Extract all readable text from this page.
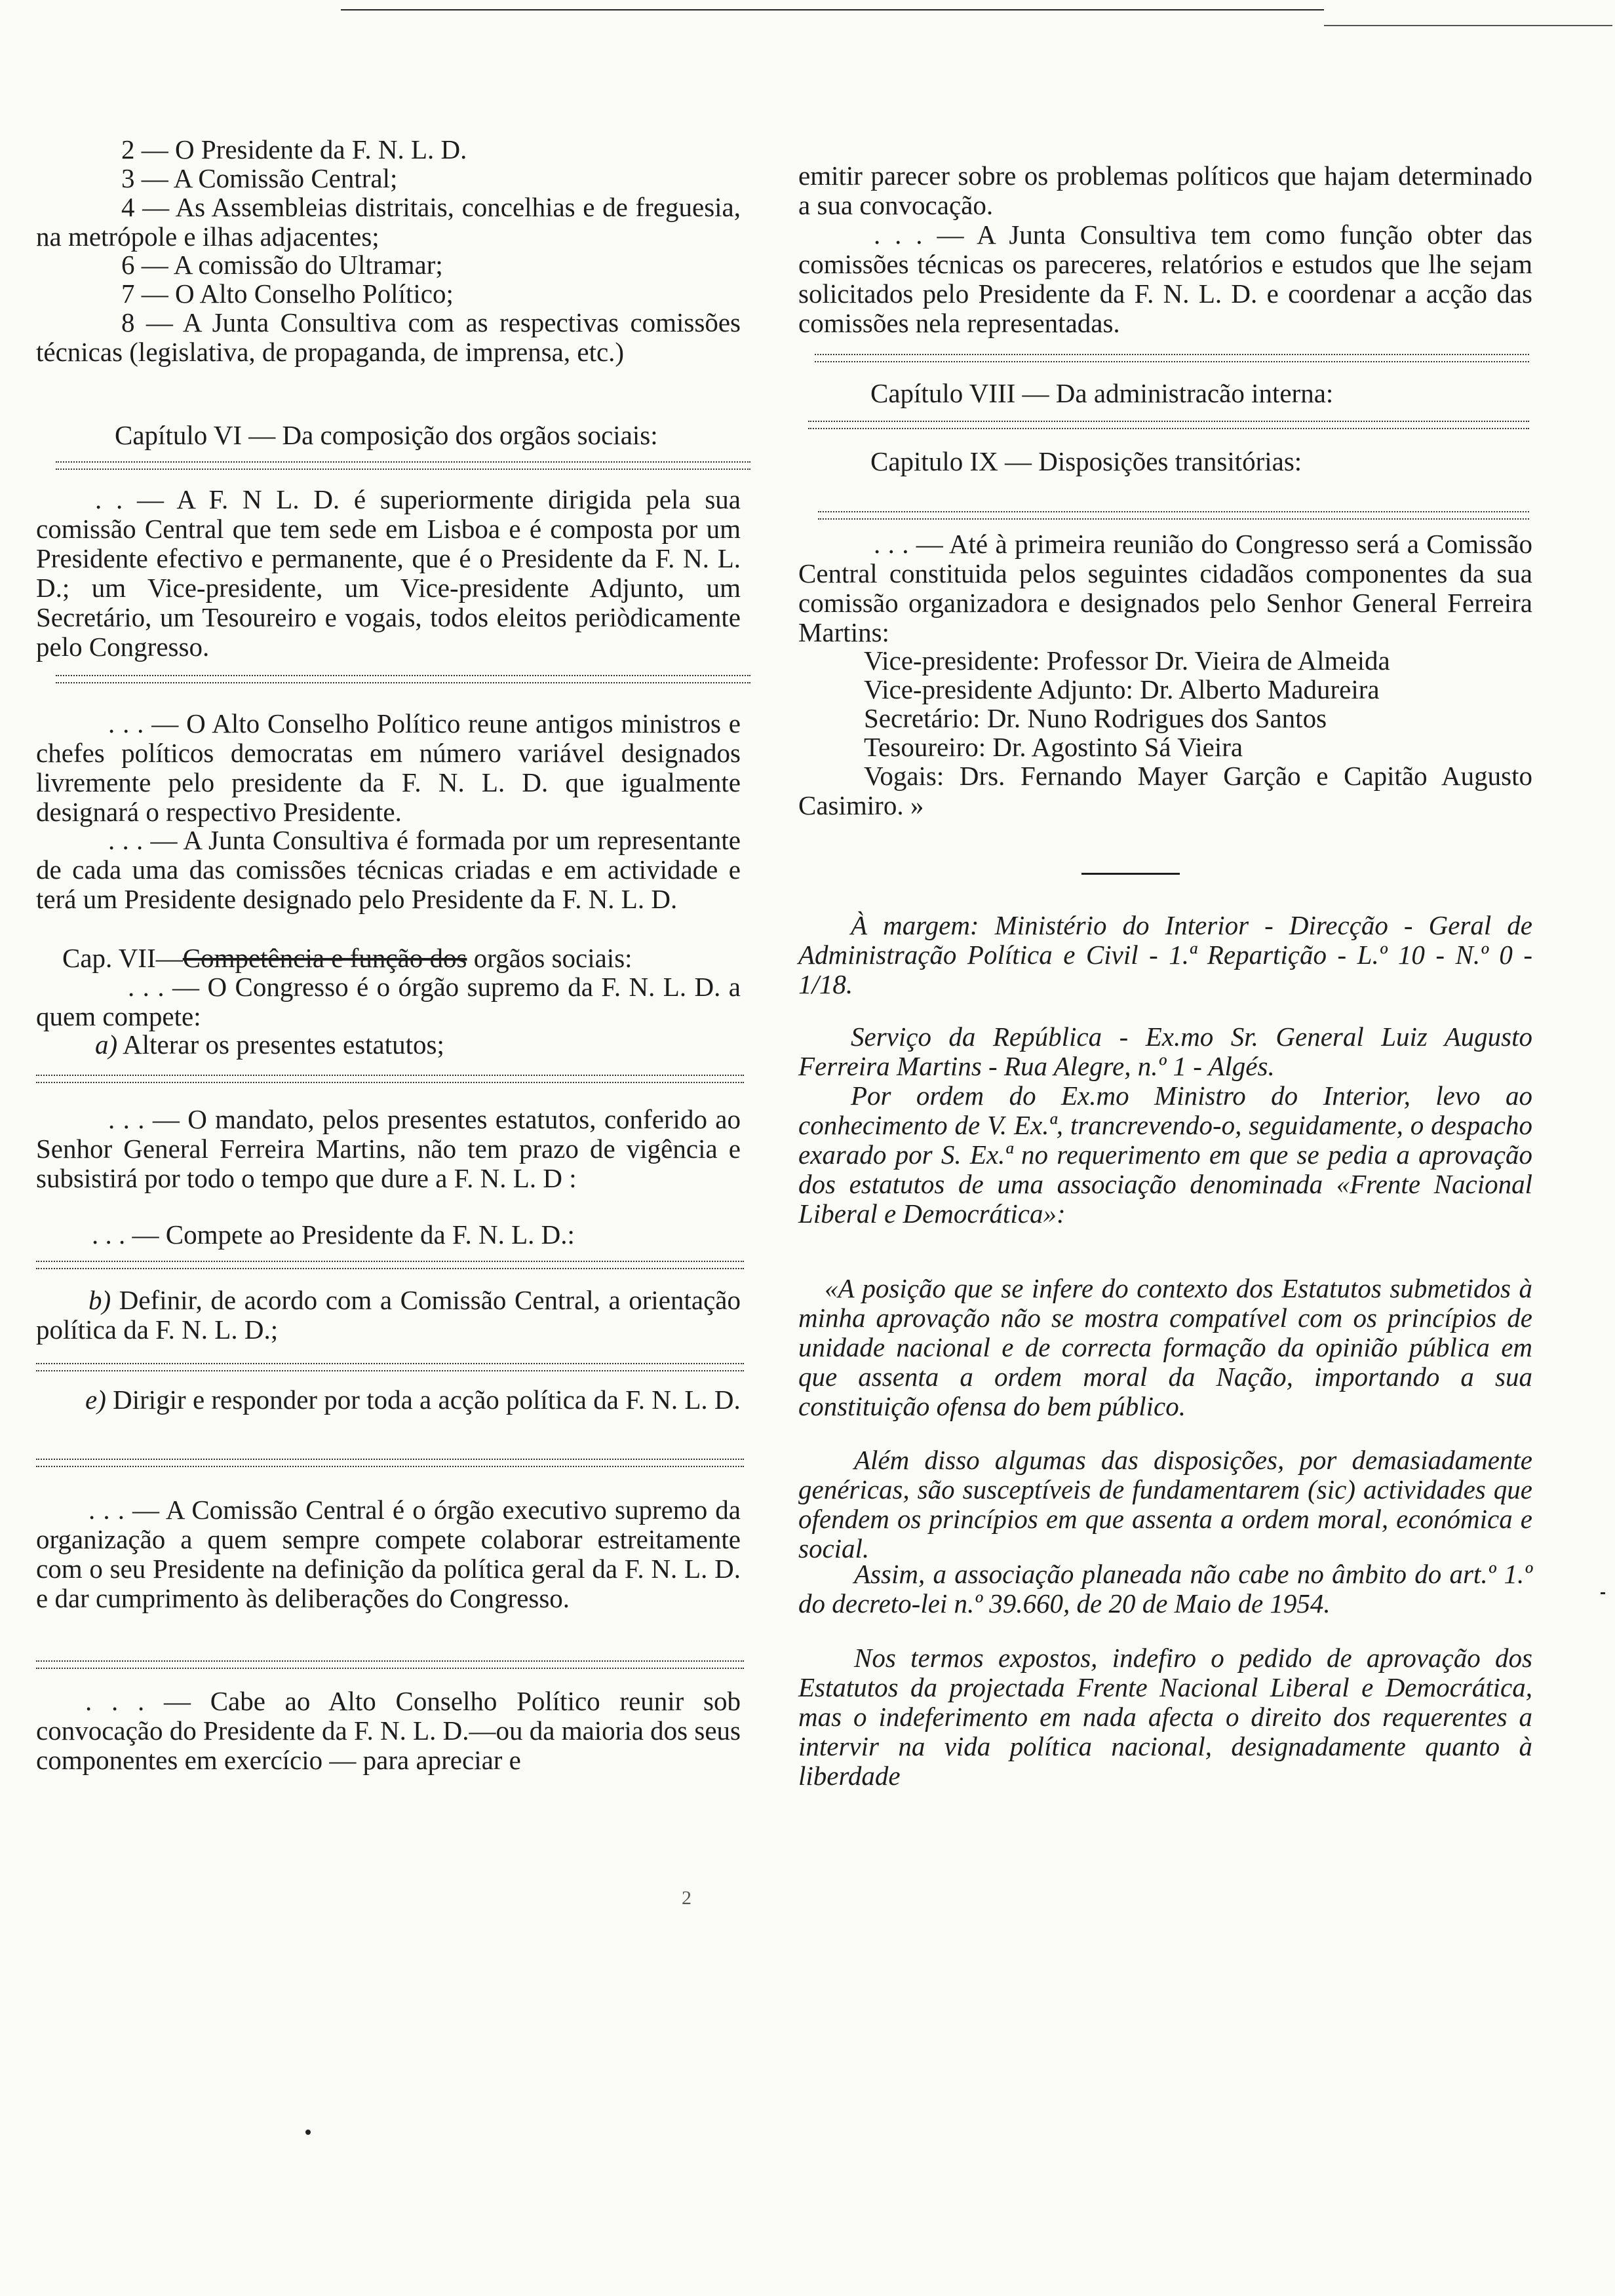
2 — O Presidente da F. N. L. D.
3 — A Comissão Central;
4 — As Assembleias distritais, concelhias e de freguesia, na metrópole e ilhas adjacentes;
6 — A comissão do Ultramar;
7 — O Alto Conselho Político;
8 — A Junta Consultiva com as respectivas comissões técnicas (legislativa, de propaganda, de imprensa, etc.)
Capítulo VI — Da composição dos orgãos sociais:
. . — A F. N L. D. é superiormente dirigida pela sua comissão Central que tem sede em Lisboa e é composta por um Presidente efectivo e permanente, que é o Presidente da F. N. L. D.; um Vice-presidente, um Vice-presidente Adjunto, um Secretário, um Tesoureiro e vogais, todos eleitos periòdicamente pelo Congresso.
. . . — O Alto Conselho Político reune antigos ministros e chefes políticos democratas em número variável designados livremente pelo presidente da F. N. L. D. que igualmente designará o respectivo Presidente.
. . . — A Junta Consultiva é formada por um representante de cada uma das comissões técnicas criadas e em actividade e terá um Presidente designado pelo Presidente da F. N. L. D.
Cap. VII—Competência e função dos orgãos sociais:
. . . — O Congresso é o órgão supremo da F. N. L. D. a quem compete:
a) Alterar os presentes estatutos;
. . . — O mandato, pelos presentes estatutos, conferido ao Senhor General Ferreira Martins, não tem prazo de vigência e subsistirá por todo o tempo que dure a F. N. L. D :
. . . — Compete ao Presidente da F. N. L. D.:
b) Definir, de acordo com a Comissão Central, a orientação política da F. N. L. D.;
e) Dirigir e responder por toda a acção política da F. N. L. D.
. . . — A Comissão Central é o órgão executivo supremo da organização a quem sempre compete colaborar estreitamente com o seu Presidente na definição da política geral da F. N. L. D. e dar cumprimento às deliberações do Congresso.
. . . — Cabe ao Alto Conselho Político reunir sob convocação do Presidente da F. N. L. D.—ou da maioria dos seus componentes em exercício — para apreciar e
emitir parecer sobre os problemas políticos que hajam determinado a sua convocação.
. . . — A Junta Consultiva tem como função obter das comissões técnicas os pareceres, relatórios e estudos que lhe sejam solicitados pelo Presidente da F. N. L. D. e coordenar a acção das comissões nela representadas.
Capítulo VIII — Da administracão interna:
Capitulo IX — Disposições transitórias:
. . . — Até à primeira reunião do Congresso será a Comissão Central constituida pelos seguintes cidadãos componentes da sua comissão organizadora e designados pelo Senhor General Ferreira Martins:
Vice-presidente: Professor Dr. Vieira de Almeida
Vice-presidente Adjunto: Dr. Alberto Madureira
Secretário: Dr. Nuno Rodrigues dos Santos
Tesoureiro: Dr. Agostinto Sá Vieira
Vogais: Drs. Fernando Mayer Garção e Capitão Augusto Casimiro. »
À margem: Ministério do Interior - Direcção - Geral de Administração Política e Civil - 1.ª Repartição - L.º 10 - N.º 0 - 1/18.
Serviço da República - Ex.mo Sr. General Luiz Augusto Ferreira Martins - Rua Alegre, n.º 1 - Algés.
Por ordem do Ex.mo Ministro do Interior, levo ao conhecimento de V. Ex.ª, trancrevendo-o, seguidamente, o despacho exarado por S. Ex.ª no requerimento em que se pedia a aprovação dos estatutos de uma associação denominada «Frente Nacional Liberal e Democrática»:
«A posição que se infere do contexto dos Estatutos submetidos à minha aprovação não se mostra compatível com os princípios de unidade nacional e de correcta formação da opinião pública em que assenta a ordem moral da Nação, importando a sua constituição ofensa do bem público.
Além disso algumas das disposições, por demasiadamente genéricas, são susceptíveis de fundamentarem (sic) actividades que ofendem os princípios em que assenta a ordem moral, económica e social.
Assim, a associação planeada não cabe no âmbito do art.º 1.º do decreto-lei n.º 39.660, de 20 de Maio de 1954.
Nos termos expostos, indefiro o pedido de aprovação dos Estatutos da projectada Frente Nacional Liberal e Democrática, mas o indeferimento em nada afecta o direito dos requerentes a intervir na vida política nacional, designadamente quanto à liberdade
2
